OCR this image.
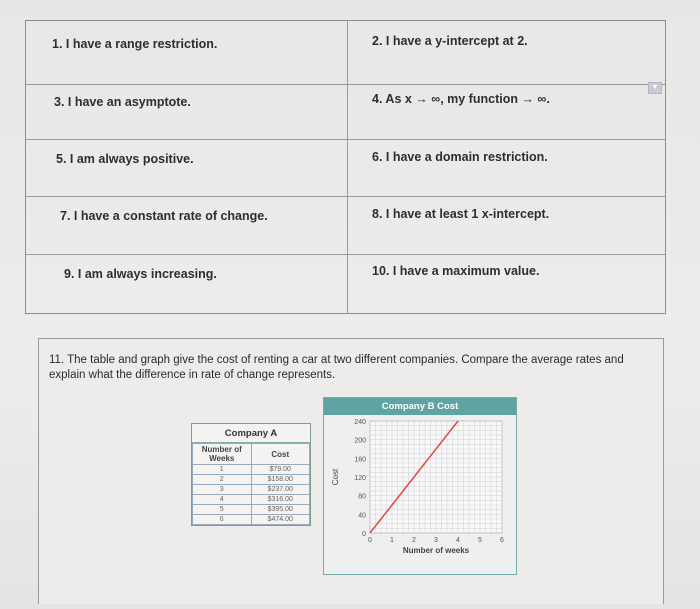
1. I have a range restriction.	2. I have a y-intercept at 2.
3. I have an asymptote.	4. As x → ∞, my function → ∞.
5. I am always positive.	6. I have a domain restriction.
7. I have a constant rate of change.	8. I have at least 1 x-intercept.
9. I am always increasing.	10. I have a maximum value.
▼
11. The table and graph give the cost of renting a car at two different companies. Compare the average rates and explain what the difference in rate of change represents.
Company A
Number of Weeks	Cost
1	$79.00
2	$158.00
3	$237.00
4	$316.00
5	$395.00
6	$474.00
Company B Cost
0
40
80
120
160
200
240
0	1	2	3	4	5	6
Number of weeks
Cost
